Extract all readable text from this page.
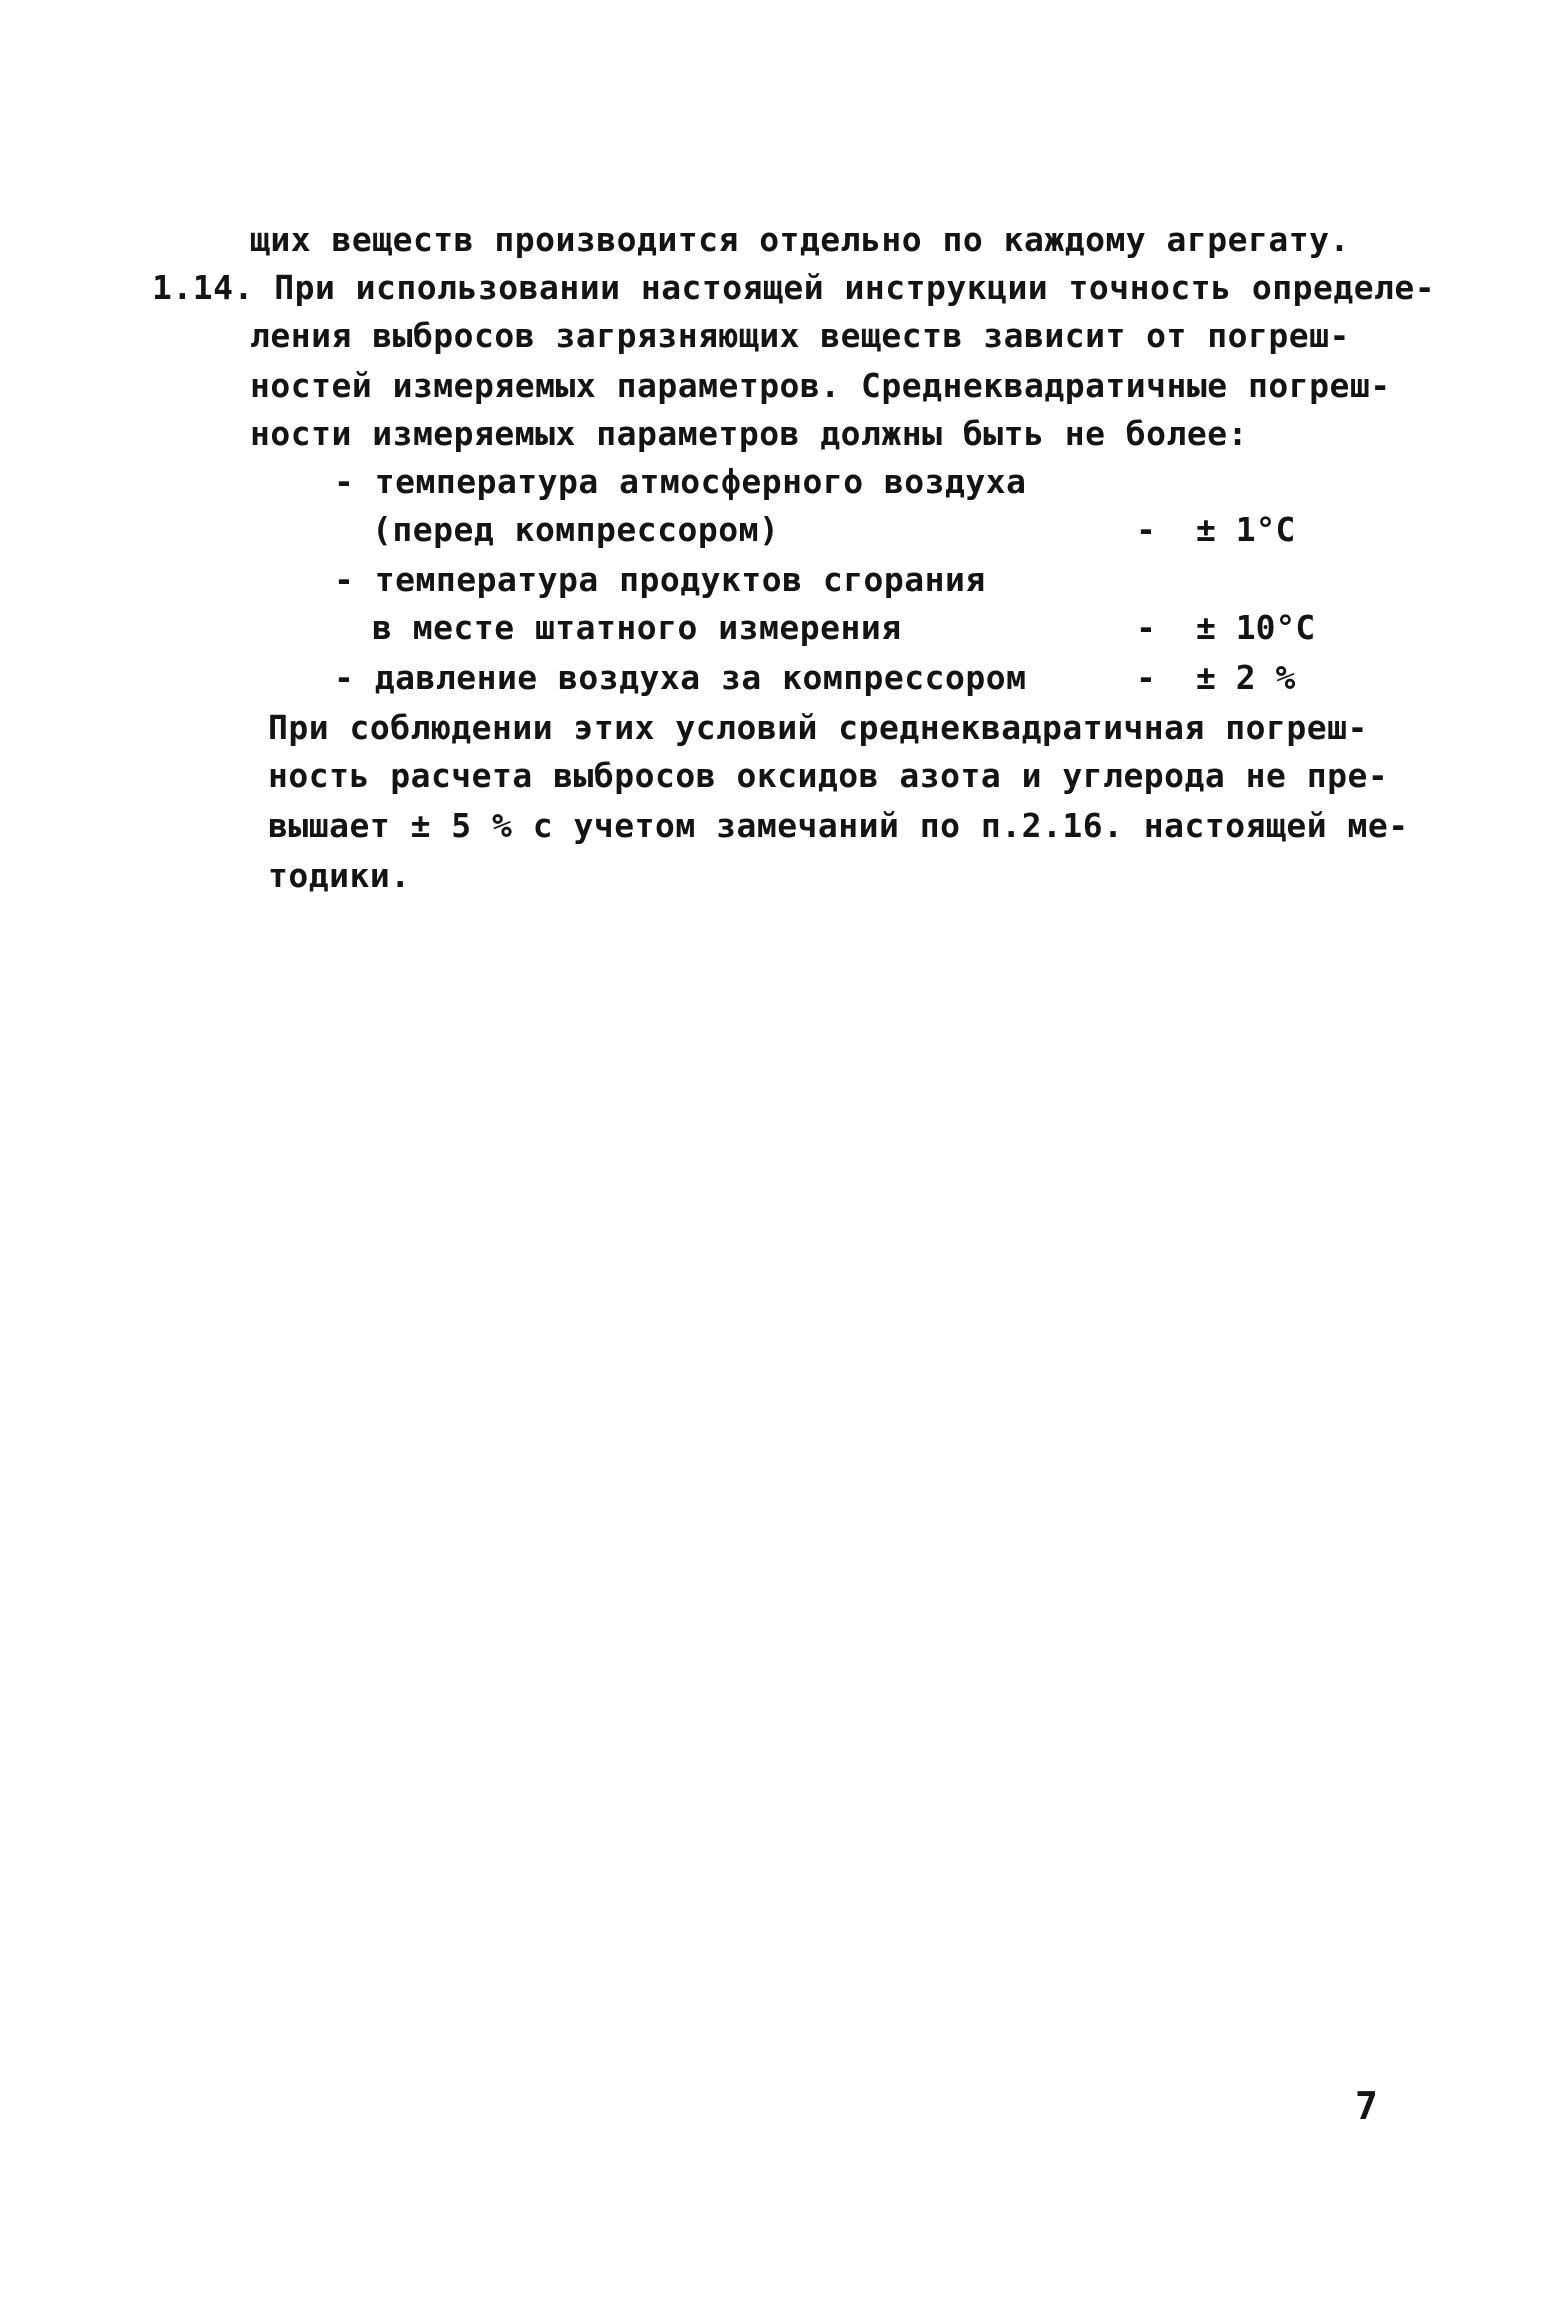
щих веществ производится отдельно по каждому агрегату.
1.14. При использовании настоящей инструкции точность определе-
ления выбросов загрязняющих веществ зависит от погреш-
ностей измеряемых параметров. Среднеквадратичные погреш-
ности измеряемых параметров должны быть не более:
- температура атмосферного воздуха
(перед компрессором)	- ± 1°C
- температура продуктов сгорания
в месте штатного измерения	- ± 10°C
- давление воздуха за компрессором	- ± 2 %
При соблюдении этих условий среднеквадратичная погреш-
ность расчета выбросов оксидов азота и углерода не пре-
вышает ± 5 % с учетом замечаний по п.2.16. настоящей ме-
тодики.
7
